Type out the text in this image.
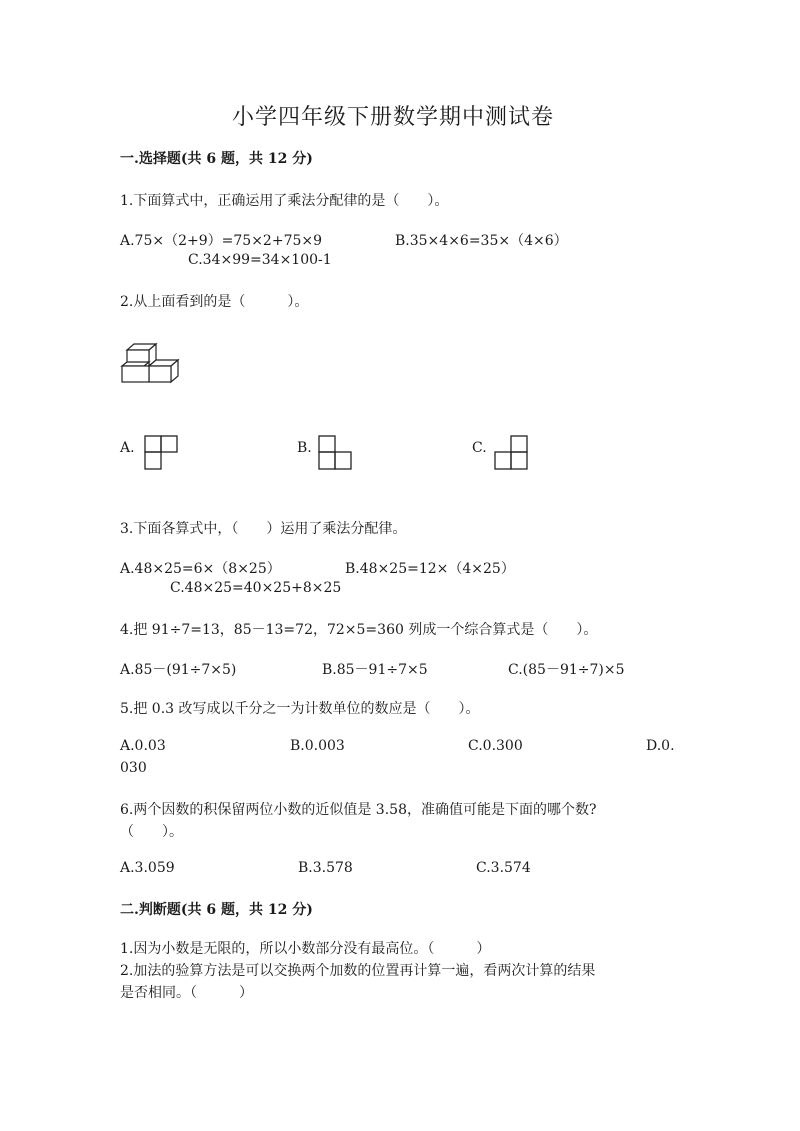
小学四年级下册数学期中测试卷
一.选择题(共 6 题，共 12 分)
1.下面算式中，正确运用了乘法分配律的是（　　）。
A.75×（2+9）=75×2+75×9	B.35×4×6=35×（4×6）
C.34×99=34×100-1
2.从上面看到的是（　　　）。
A.	B.	C.
3.下面各算式中，（　　）运用了乘法分配律。
A.48×25=6×（8×25）	B.48×25=12×（4×25）
C.48×25=40×25+8×25
4.把 91÷7=13，85－13=72，72×5=360 列成一个综合算式是（　　）。
A.85－(91÷7×5)	B.85－91÷7×5	C.(85－91÷7)×5
5.把 0.3 改写成以千分之一为计数单位的数应是（　　）。
A.0.03	B.0.003	C.0.300	D.0.
030
6.两个因数的积保留两位小数的近似值是 3.58，准确值可能是下面的哪个数?
（　　）。
A.3.059	B.3.578	C.3.574
二.判断题(共 6 题，共 12 分)
1.因为小数是无限的，所以小数部分没有最高位。（　　　）
2.加法的验算方法是可以交换两个加数的位置再计算一遍，看两次计算的结果
是否相同。（　　　）
